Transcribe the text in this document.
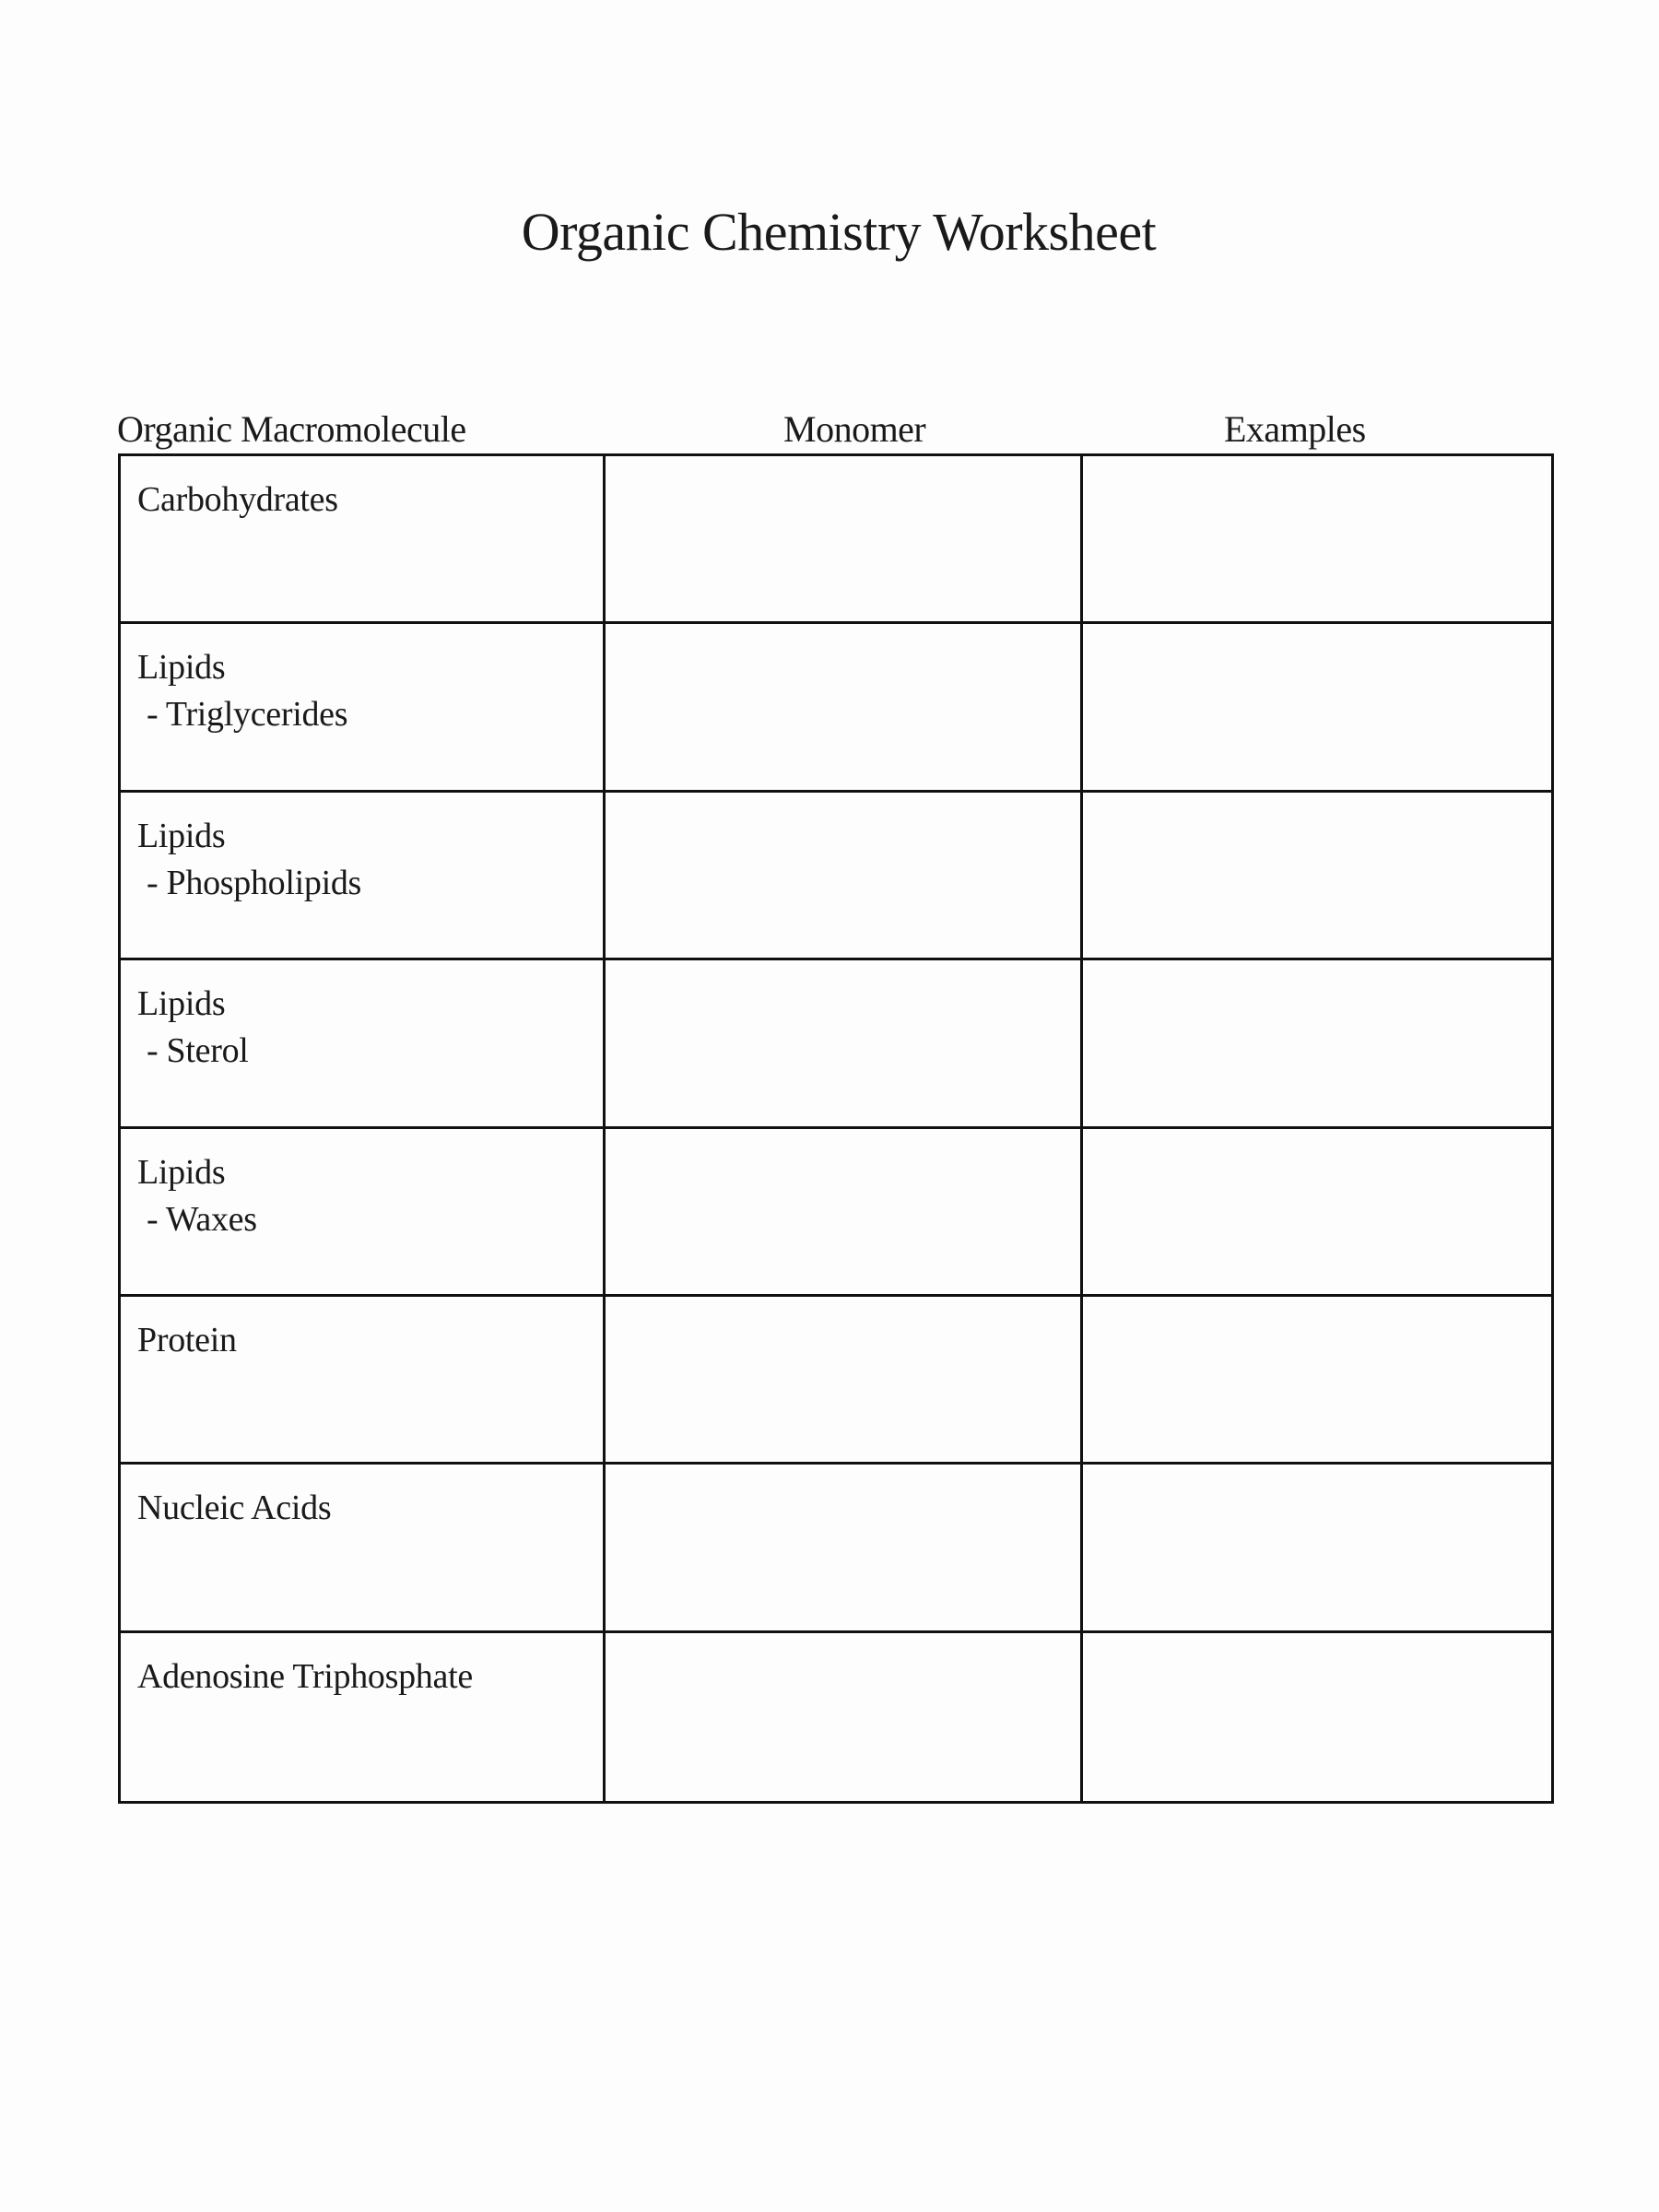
Organic Chemistry Worksheet
Organic Macromolecule	Monomer	Examples
Carbohydrates
Lipids
- Triglycerides
Lipids
- Phospholipids
Lipids
- Sterol
Lipids
- Waxes
Protein
Nucleic Acids
Adenosine Triphosphate
